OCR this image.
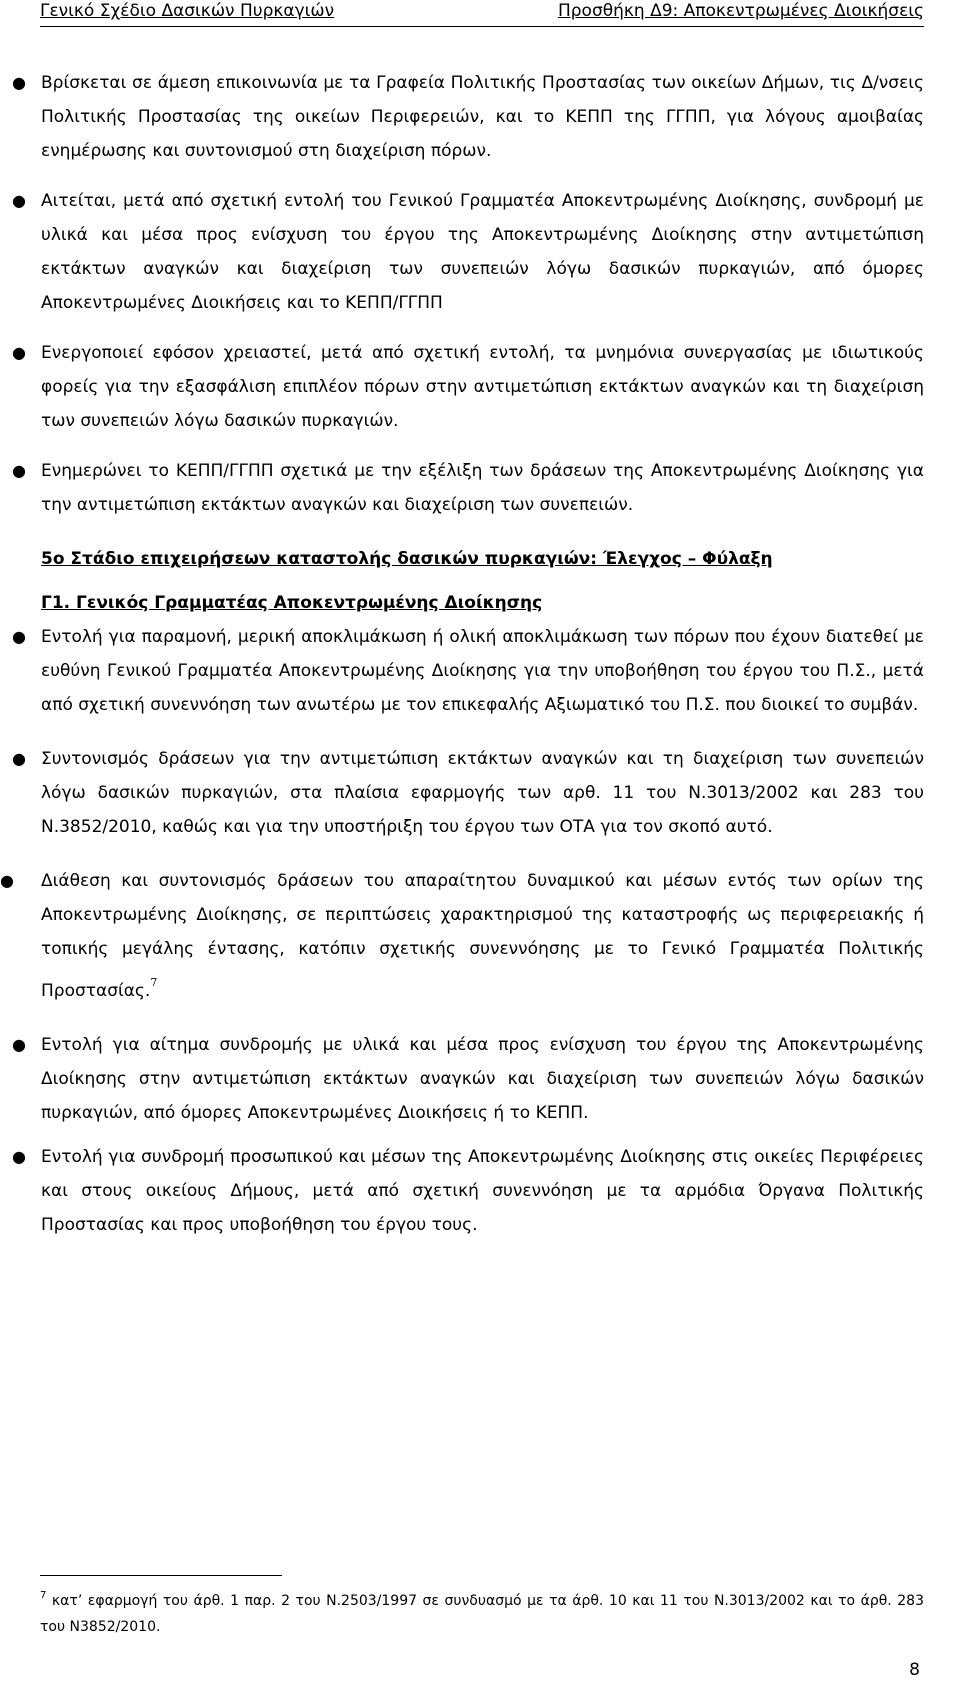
Γενικό Σχέδιο Δασικών Πυρκαγιών	Προσθήκη Δ9: Αποκεντρωμένες Διοικήσεις
● Βρίσκεται σε άμεση επικοινωνία με τα Γραφεία Πολιτικής Προστασίας των οικείων Δήμων, τις Δ/νσεις Πολιτικής Προστασίας της οικείων Περιφερειών, και το ΚΕΠΠ της ΓΓΠΠ, για λόγους αμοιβαίας ενημέρωσης και συντονισμού στη διαχείριση πόρων.
● Αιτείται, μετά από σχετική εντολή του Γενικού Γραμματέα Αποκεντρωμένης Διοίκησης, συνδρομή με υλικά και μέσα προς ενίσχυση του έργου της Αποκεντρωμένης Διοίκησης στην αντιμετώπιση εκτάκτων αναγκών και διαχείριση των συνεπειών λόγω δασικών πυρκαγιών, από όμορες Αποκεντρωμένες Διοικήσεις και το ΚΕΠΠ/ΓΓΠΠ
● Ενεργοποιεί εφόσον χρειαστεί, μετά από σχετική εντολή, τα μνημόνια συνεργασίας με ιδιωτικούς φορείς για την εξασφάλιση επιπλέον πόρων στην αντιμετώπιση εκτάκτων αναγκών και τη διαχείριση των συνεπειών λόγω δασικών πυρκαγιών.
● Ενημερώνει το ΚΕΠΠ/ΓΓΠΠ σχετικά με την εξέλιξη των δράσεων της Αποκεντρωμένης Διοίκησης για την αντιμετώπιση εκτάκτων αναγκών και διαχείριση των συνεπειών.
5ο Στάδιο επιχειρήσεων καταστολής δασικών πυρκαγιών: Έλεγχος – Φύλαξη
Γ1. Γενικός Γραμματέας Αποκεντρωμένης Διοίκησης
● Εντολή για παραμονή, μερική αποκλιμάκωση ή ολική αποκλιμάκωση των πόρων που έχουν διατεθεί με ευθύνη Γενικού Γραμματέα Αποκεντρωμένης Διοίκησης για την υποβοήθηση του έργου του Π.Σ., μετά από σχετική συνεννόηση των ανωτέρω με τον επικεφαλής Αξιωματικό του Π.Σ. που διοικεί το συμβάν.
● Συντονισμός δράσεων για την αντιμετώπιση εκτάκτων αναγκών και τη διαχείριση των συνεπειών λόγω δασικών πυρκαγιών, στα πλαίσια εφαρμογής των αρθ. 11 του Ν.3013/2002 και 283 του Ν.3852/2010, καθώς και για την υποστήριξη του έργου των ΟΤΑ για τον σκοπό αυτό.
● Διάθεση και συντονισμός δράσεων του απαραίτητου δυναμικού και μέσων εντός των ορίων της Αποκεντρωμένης Διοίκησης, σε περιπτώσεις χαρακτηρισμού της καταστροφής ως περιφερειακής ή τοπικής μεγάλης έντασης, κατόπιν σχετικής συνεννόησης με το Γενικό Γραμματέα Πολιτικής Προστασίας.$^7$
● Εντολή για αίτημα συνδρομής με υλικά και μέσα προς ενίσχυση του έργου της Αποκεντρωμένης Διοίκησης στην αντιμετώπιση εκτάκτων αναγκών και διαχείριση των συνεπειών λόγω δασικών πυρκαγιών, από όμορες Αποκεντρωμένες Διοικήσεις ή το ΚΕΠΠ.
● Εντολή για συνδρομή προσωπικού και μέσων της Αποκεντρωμένης Διοίκησης στις οικείες Περιφέρειες και στους οικείους Δήμους, μετά από σχετική συνεννόηση με τα αρμόδια Όργανα Πολιτικής Προστασίας και προς υποβοήθηση του έργου τους.
$^7$ κατ’ εφαρμογή του άρθ. 1 παρ. 2 του Ν.2503/1997 σε συνδυασμό με τα άρθ. 10 και 11 του Ν.3013/2002 και το άρθ. 283 του Ν3852/2010.
8
